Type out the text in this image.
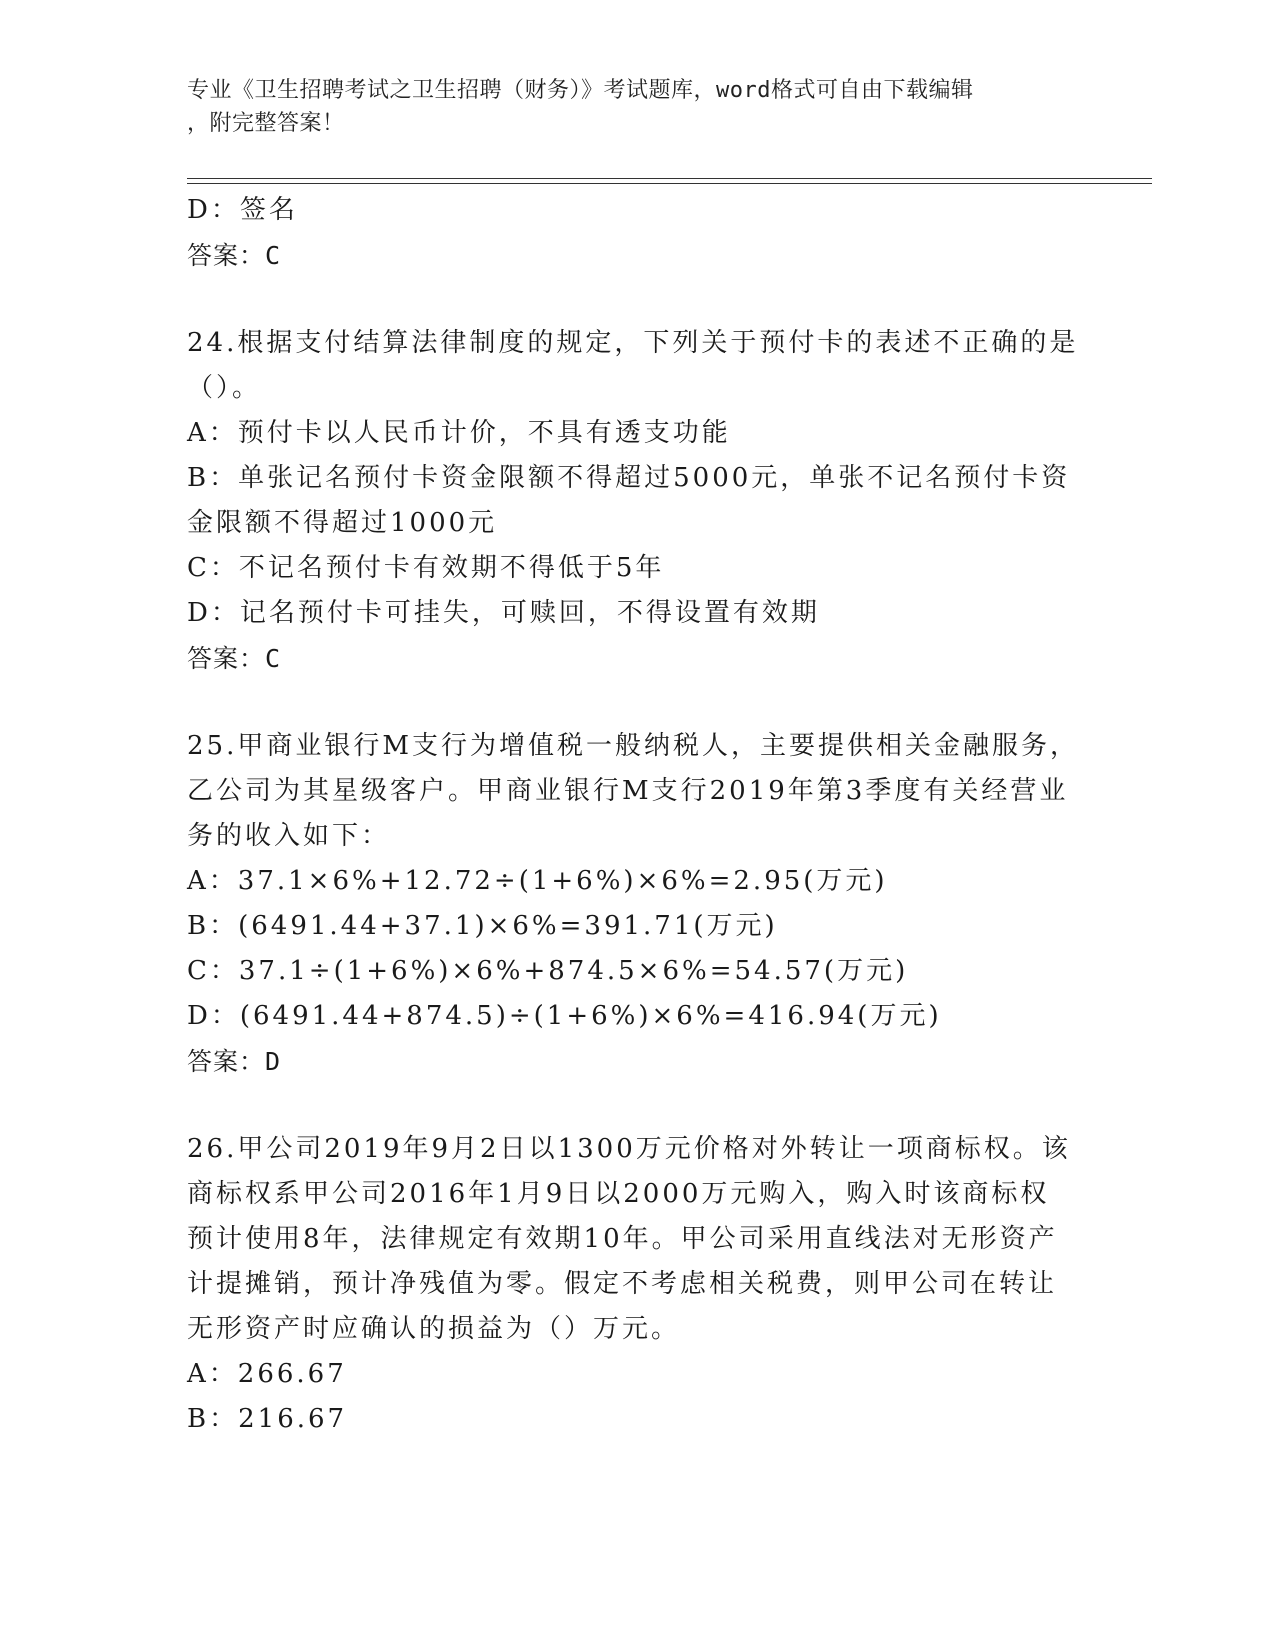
专业《卫生招聘考试之卫生招聘（财务）》考试题库，word格式可自由下载编辑
，附完整答案！
D：签名
答案：C
24.根据支付结算法律制度的规定，下列关于预付卡的表述不正确的是
（）。
A：预付卡以人民币计价，不具有透支功能
B：单张记名预付卡资金限额不得超过5000元，单张不记名预付卡资
金限额不得超过1000元
C：不记名预付卡有效期不得低于5年
D：记名预付卡可挂失，可赎回，不得设置有效期
答案：C
25.甲商业银行M支行为增值税一般纳税人，主要提供相关金融服务，
乙公司为其星级客户。甲商业银行M支行2019年第3季度有关经营业
务的收入如下：
A：37.1×6%+12.72÷(1+6%)×6%=2.95(万元)
B：(6491.44+37.1)×6%=391.71(万元)
C：37.1÷(1+6%)×6%+874.5×6%=54.57(万元)
D：(6491.44+874.5)÷(1+6%)×6%=416.94(万元)
答案：D
26.甲公司2019年9月2日以1300万元价格对外转让一项商标权。该
商标权系甲公司2016年1月9日以2000万元购入，购入时该商标权
预计使用8年，法律规定有效期10年。甲公司采用直线法对无形资产
计提摊销，预计净残值为零。假定不考虑相关税费，则甲公司在转让
无形资产时应确认的损益为（）万元。
A：266.67
B：216.67
